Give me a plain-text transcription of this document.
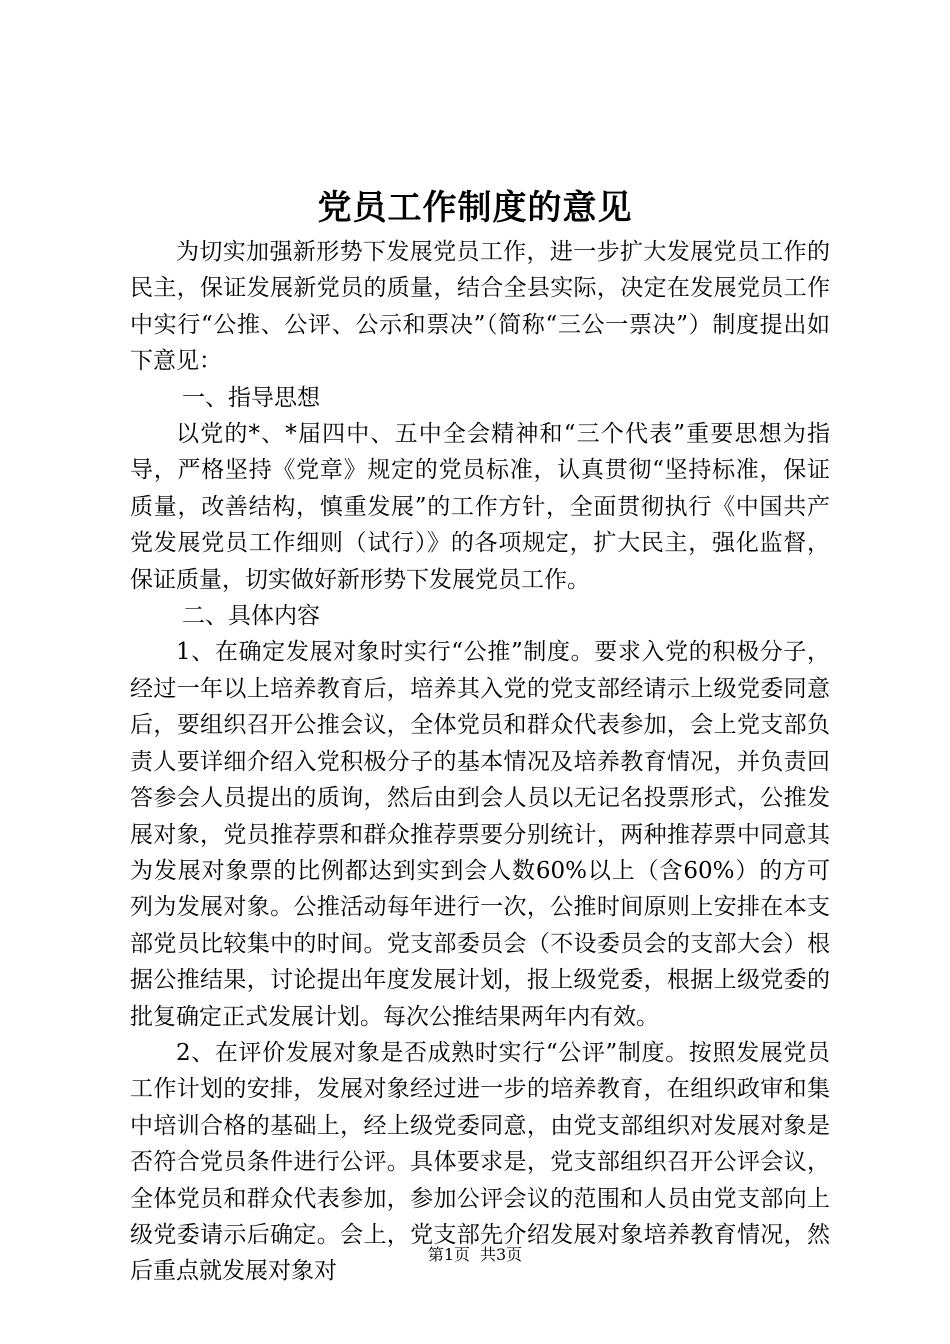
党员工作制度的意见

为切实加强新形势下发展党员工作，进一步扩大发展党员工作的民主，保证发展新党员的质量，结合全县实际，决定在发展党员工作中实行“公推、公评、公示和票决”（简称“三公一票决”）制度提出如下意见：

一、指导思想

以党的*、*届四中、五中全会精神和“三个代表”重要思想为指导，严格坚持《党章》规定的党员标准，认真贯彻“坚持标准，保证质量，改善结构，慎重发展”的工作方针，全面贯彻执行《中国共产党发展党员工作细则（试行）》的各项规定，扩大民主，强化监督，保证质量，切实做好新形势下发展党员工作。

二、具体内容

1、在确定发展对象时实行“公推”制度。要求入党的积极分子，经过一年以上培养教育后，培养其入党的党支部经请示上级党委同意后，要组织召开公推会议，全体党员和群众代表参加，会上党支部负责人要详细介绍入党积极分子的基本情况及培养教育情况，并负责回答参会人员提出的质询，然后由到会人员以无记名投票形式，公推发展对象，党员推荐票和群众推荐票要分别统计，两种推荐票中同意其为发展对象票的比例都达到实到会人数60%以上（含60%）的方可列为发展对象。公推活动每年进行一次，公推时间原则上安排在本支部党员比较集中的时间。党支部委员会（不设委员会的支部大会）根据公推结果，讨论提出年度发展计划，报上级党委，根据上级党委的批复确定正式发展计划。每次公推结果两年内有效。

2、在评价发展对象是否成熟时实行“公评”制度。按照发展党员工作计划的安排，发展对象经过进一步的培养教育，在组织政审和集中培训合格的基础上，经上级党委同意，由党支部组织对发展对象是否符合党员条件进行公评。具体要求是，党支部组织召开公评会议，全体党员和群众代表参加，参加公评会议的范围和人员由党支部向上级党委请示后确定。会上，党支部先介绍发展对象培养教育情况，然后重点就发展对象对

第1页 共3页
